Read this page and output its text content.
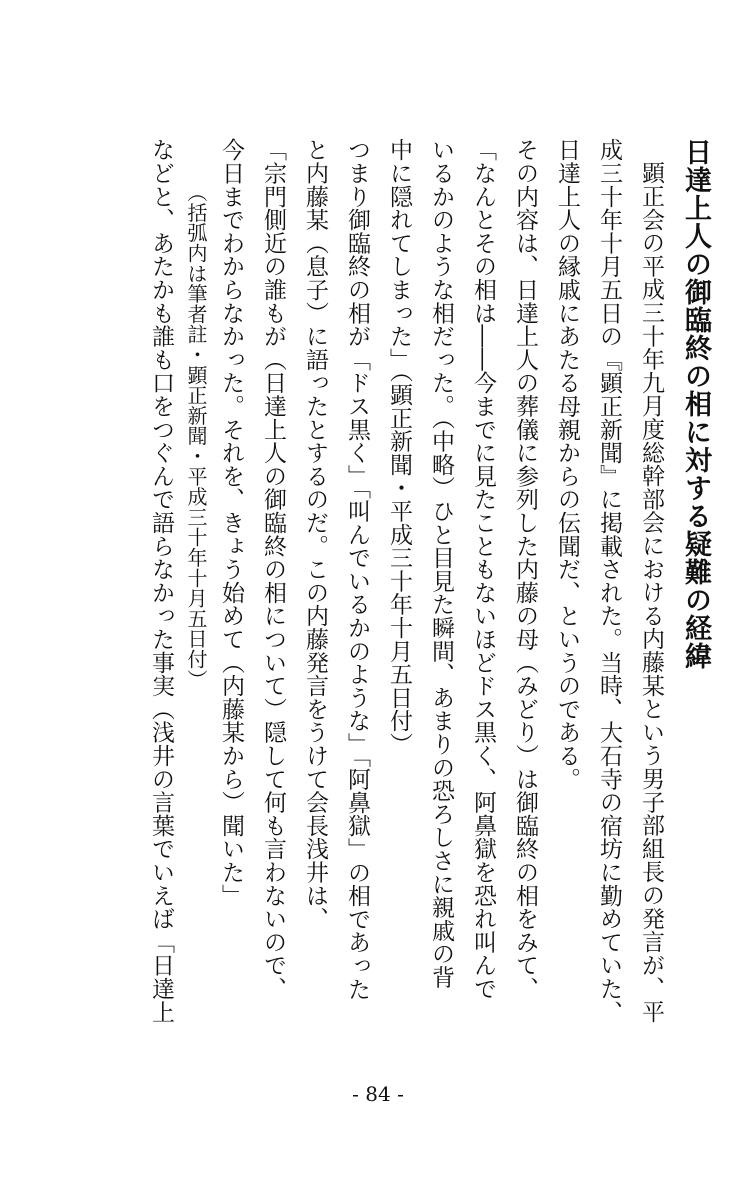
日達上人の御臨終の相に対する疑難の経緯

顕正会の平成三十年九月度総幹部会における内藤某という男子部組長の発言が、平

成三十年十月五日の『顕正新聞』に掲載された。当時、大石寺の宿坊に勤めていた、

日達上人の縁戚にあたる母親からの伝聞だ、というのである。

その内容は、日達上人の葬儀に参列した内藤の母（みどり）は御臨終の相をみて、

「なんとその相は――今までに見たこともないほどドス黒く、阿鼻獄を恐れ叫んで

いるかのような相だった。（中略）ひと目見た瞬間、あまりの恐ろしさに親戚の背

中に隠れてしまった」（顕正新聞・平成三十年十月五日付）

つまり御臨終の相が「ドス黒く」「叫んでいるかのような」「阿鼻獄」の相であった

と内藤某（息子）に語ったとするのだ。この内藤発言をうけて会長浅井は、

「宗門側近の誰もが（日達上人の御臨終の相について）隠して何も言わないので、

今日までわからなかった。それを、きょう始めて（内藤某から）聞いた」

（括弧内は筆者註・顕正新聞・平成三十年十月五日付）

などと、あたかも誰も口をつぐんで語らなかった事実（浅井の言葉でいえば「日達上

- 84 -
